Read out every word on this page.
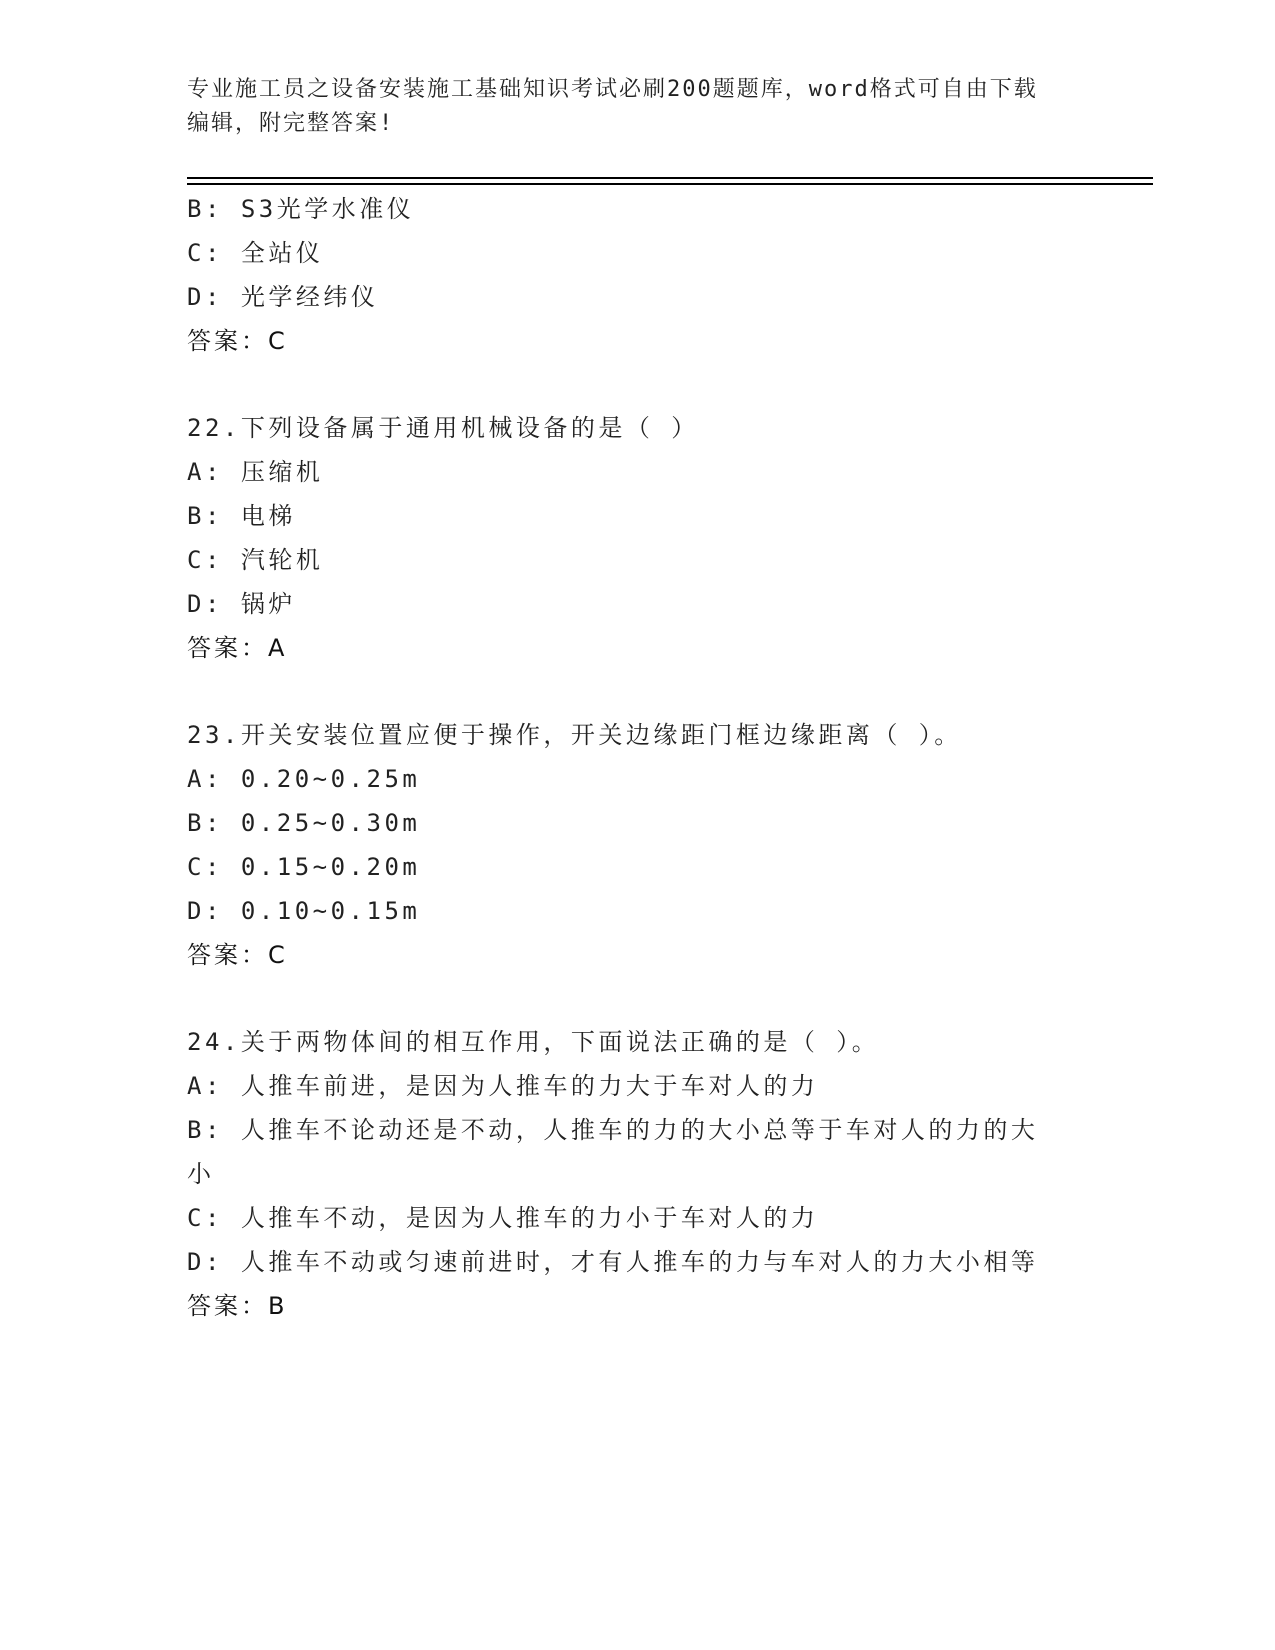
专业施工员之设备安装施工基础知识考试必刷200题题库，word格式可自由下载
编辑，附完整答案!
B: S3光学水准仪
C: 全站仪
D: 光学经纬仪
答案：C
22.下列设备属于通用机械设备的是（ ）
A: 压缩机
B: 电梯
C: 汽轮机
D: 锅炉
答案：A
23.开关安装位置应便于操作，开关边缘距门框边缘距离（ ）。
A: 0.20~0.25m
B: 0.25~0.30m
C: 0.15~0.20m
D: 0.10~0.15m
答案：C
24.关于两物体间的相互作用，下面说法正确的是（ ）。
A: 人推车前进，是因为人推车的力大于车对人的力
B: 人推车不论动还是不动，人推车的力的大小总等于车对人的力的大
小
C: 人推车不动，是因为人推车的力小于车对人的力
D: 人推车不动或匀速前进时，才有人推车的力与车对人的力大小相等
答案：B
